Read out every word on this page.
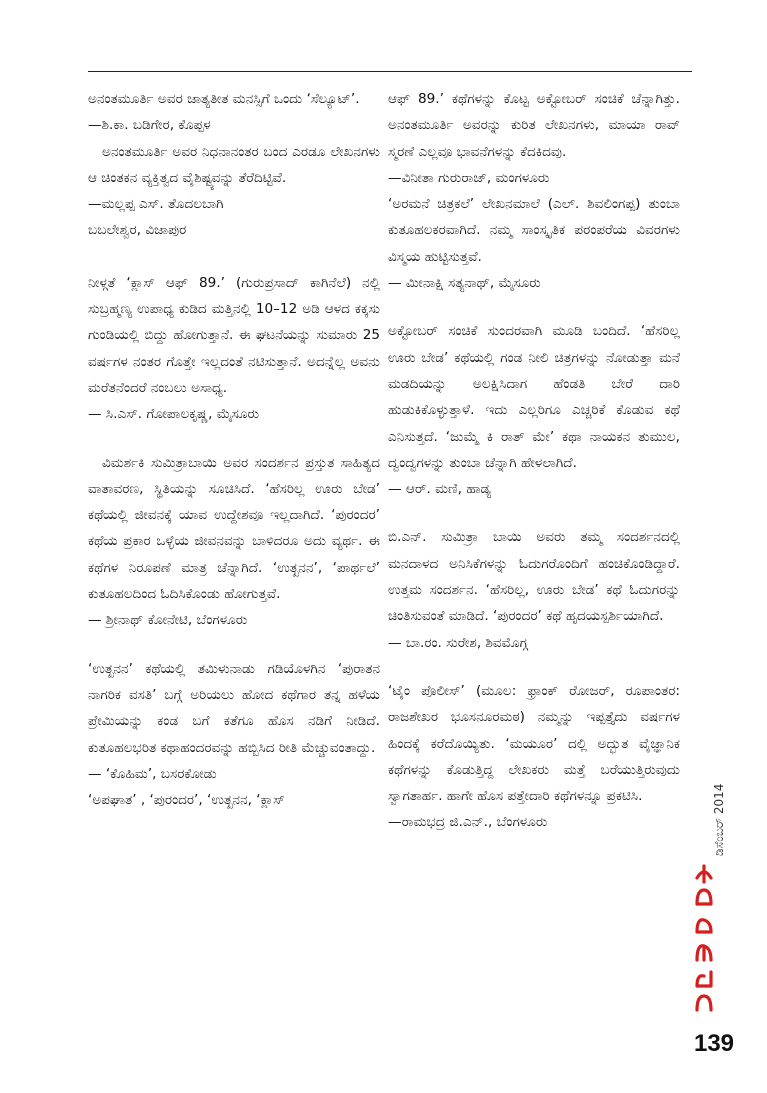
ಅನಂತಮೂರ್ತಿ ಅವರ ಜಾತ್ಯತೀತ ಮನಸ್ಸಿಗೆ ಒಂದು ‘ಸೆಲ್ಯೂಟ್’.

—ಶಿ.ಕಾ. ಬಡಿಗೇರ, ಕೊಪ್ಪಳ

ಅನಂತಮೂರ್ತಿ ಅವರ ನಿಧನಾನಂತರ ಬಂದ ಎರಡೂ ಲೇಖನಗಳು ಆ ಚಿಂತಕನ ವ್ಯಕ್ತಿತ್ವದ ವೈಶಿಷ್ಟ್ಯವನ್ನು ತೆರೆದಿಟ್ಟಿವೆ.

—ಮಲ್ಲಪ್ಪ ಎಸ್. ತೊದಲಬಾಗಿ

ಬಬಲೇಶ್ವರ, ವಿಜಾಪುರ

ನೀಳ್ಗತೆ ‘ಕ್ಲಾಸ್ ಆಫ್ 89.’ (ಗುರುಪ್ರಸಾದ್ ಕಾಗಿನೆಲೆ) ನಲ್ಲಿ ಸುಬ್ರಹ್ಮಣ್ಯ ಉಪಾಧ್ಯ ಕುಡಿದ ಮತ್ತಿನಲ್ಲಿ 10–12 ಅಡಿ ಆಳದ ಕಕ್ಕಸು ಗುಂಡಿಯಲ್ಲಿ ಬಿದ್ದು ಹೋಗುತ್ತಾನೆ. ಈ ಘಟನೆಯನ್ನು ಸುಮಾರು 25 ವರ್ಷಗಳ ನಂತರ ಗೊತ್ತೇ ಇಲ್ಲದಂತೆ ನಟಿಸುತ್ತಾನೆ. ಅದನ್ನೆಲ್ಲ ಅವನು ಮರೆತನೆಂದರೆ ನಂಬಲು ಅಸಾಧ್ಯ.

— ಸಿ.ಎಸ್. ಗೋಪಾಲಕೃಷ್ಣ, ಮೈಸೂರು

ವಿಮರ್ಶಕಿ ಸುಮಿತ್ರಾಬಾಯಿ ಅವರ ಸಂದರ್ಶನ ಪ್ರಸ್ತುತ ಸಾಹಿತ್ಯದ ವಾತಾವರಣ, ಸ್ಥಿತಿಯನ್ನು ಸೂಚಿಸಿದೆ. ‘ಹೆಸರಿಲ್ಲ ಊರು ಬೇಡ’ ಕಥೆಯಲ್ಲಿ ಜೀವನಕ್ಕೆ ಯಾವ ಉದ್ದೇಶವೂ ಇಲ್ಲದಾಗಿದೆ. ‘ಪುರಂದರ’ ಕಥೆಯ ಪ್ರಕಾರ ಒಳ್ಳೆಯ ಜೀವನವನ್ನು ಬಾಳಿದರೂ ಅದು ವ್ಯರ್ಥ. ಈ ಕಥೆಗಳ ನಿರೂಪಣೆ ಮಾತ್ರ ಚೆನ್ನಾಗಿದೆ. ‘ಉತ್ಖನನ’, ‘ಪಾರ್ಥಲೆ’ ಕುತೂಹಲದಿಂದ ಓದಿಸಿಕೊಂಡು ಹೋಗುತ್ತವೆ.

— ಶ್ರೀನಾಥ್ ಕೋನೇಟಿ, ಬೆಂಗಳೂರು

‘ಉತ್ಖನನ’ ಕಥೆಯಲ್ಲಿ ತಮಿಳುನಾಡು ಗಡಿಯೊಳಗಿನ ‘ಪುರಾತನ ನಾಗರಿಕ ವಸತಿ’ ಬಗ್ಗೆ ಅರಿಯಲು ಹೋದ ಕಥೆಗಾರ ತನ್ನ ಹಳೆಯ ಪ್ರೇಮಿಯನ್ನು ಕಂಡ ಬಗೆ ಕತೆಗೂ ಹೊಸ ನಡಿಗೆ ನೀಡಿದೆ. ಕುತೂಹಲಭರಿತ ಕಥಾಹಂದರವನ್ನು ಹಬ್ಬಿಸಿದ ರೀತಿ ಮೆಚ್ಚುವಂತಾದ್ದು.

— ‘ಕೊಹಿಮ’, ಬಸರಕೋಡು

‘ಅಪಘಾತ’ , ‘ಪುರಂದರ’, ‘ಉತ್ಖನನ, ‘ಕ್ಲಾಸ್

ಆಫ್ 89.’ ಕಥೆಗಳನ್ನು ಕೊಟ್ಟ ಅಕ್ಟೋಬರ್ ಸಂಚಿಕೆ ಚೆನ್ನಾಗಿತ್ತು. ಅನಂತಮೂರ್ತಿ ಅವರನ್ನು ಕುರಿತ ಲೇಖನಗಳು, ಮಾಯಾ ರಾವ್ ಸ್ಮರಣೆ ಎಲ್ಲವೂ ಭಾವನೆಗಳನ್ನು ಕೆದಕಿದವು.

—ವಿನೀತಾ ಗುರುರಾಜ್, ಮಂಗಳೂರು

‘ಅರಮನೆ ಚಿತ್ರಕಲೆ’ ಲೇಖನಮಾಲೆ (ಎಲ್. ಶಿವಲಿಂಗಪ್ಪ) ತುಂಬಾ ಕುತೂಹಲಕರವಾಗಿದೆ. ನಮ್ಮ ಸಾಂಸ್ಕೃತಿಕ ಪರಂಪರೆಯ ವಿವರಗಳು ವಿಸ್ಮಯ ಹುಟ್ಟಿಸುತ್ತವೆ.

— ಮೀನಾಕ್ಷಿ ಸತ್ಯನಾಥ್, ಮೈಸೂರು

ಅಕ್ಟೋಬರ್ ಸಂಚಿಕೆ ಸುಂದರವಾಗಿ ಮೂಡಿ ಬಂದಿದೆ. ‘ಹೆಸರಿಲ್ಲ ಊರು ಬೇಡ’ ಕಥೆಯಲ್ಲಿ ಗಂಡ ನೀಲಿ ಚಿತ್ರಗಳನ್ನು ನೋಡುತ್ತಾ ಮನೆ ಮಡದಿಯನ್ನು ಅಲಕ್ಷಿಸಿದಾಗ ಹೆಂಡತಿ ಬೇರೆ ದಾರಿ ಹುಡುಕಿಕೊಳ್ಳುತ್ತಾಳೆ. ಇದು ಎಲ್ಲರಿಗೂ ಎಚ್ಚರಿಕೆ ಕೊಡುವ ಕಥೆ ಎನಿಸುತ್ತದೆ. ‘ಜುಮ್ಮೆ ಕಿ ರಾತ್ ಮೇ’ ಕಥಾ ನಾಯಕನ ತುಮುಲ, ದ್ವಂದ್ವಗಳನ್ನು ತುಂಬಾ ಚೆನ್ನಾಗಿ ಹೇಳಲಾಗಿದೆ.

— ಆರ್. ಮಣಿ, ಹಾಡ್ಯ

ಬಿ.ಎನ್. ಸುಮಿತ್ರಾ ಬಾಯಿ ಅವರು ತಮ್ಮ ಸಂದರ್ಶನದಲ್ಲಿ ಮನದಾಳದ ಅನಿಸಿಕೆಗಳನ್ನು ಓದುಗರೊಂದಿಗೆ ಹಂಚಿಕೊಂಡಿದ್ದಾರೆ. ಉತ್ತಮ ಸಂದರ್ಶನ. ‘ಹೆಸರಿಲ್ಲ, ಊರು ಬೇಡ’ ಕಥೆ ಓದುಗರನ್ನು ಚಿಂತಿಸುವಂತೆ ಮಾಡಿದೆ. ‘ಪುರಂದರ’ ಕಥೆ ಹೃದಯಸ್ಪರ್ಶಿಯಾಗಿದೆ.

— ಬಾ.ರಂ. ಸುರೇಶ, ಶಿವಮೊಗ್ಗ

‘ಟೈಂ ಪೊಲೀಸ್’ (ಮೂಲ: ಫ್ರಾಂಕ್ ರೋಜರ್, ರೂಪಾಂತರ: ರಾಜಶೇಖರ ಭೂಸನೂರಮಠ) ನಮ್ಮನ್ನು ಇಪ್ಪತ್ತೈದು ವರ್ಷಗಳ ಹಿಂದಕ್ಕೆ ಕರೆದೊಯ್ಯಿತು. ‘ಮಯೂರ’ ದಲ್ಲಿ ಅದ್ಭುತ ವೈಜ್ಞಾನಿಕ ಕಥೆಗಳನ್ನು ಕೊಡುತ್ತಿದ್ದ ಲೇಖಕರು ಮತ್ತೆ ಬರೆಯುತ್ತಿರುವುದು ಸ್ವಾಗತಾರ್ಹ. ಹಾಗೇ ಹೊಸ ಪತ್ತೇದಾರಿ ಕಥೆಗಳನ್ನೂ ಪ್ರಕಟಿಸಿ.

—ರಾಮಭದ್ರ ಜಿ.ಎನ್., ಬೆಂಗಳೂರು	ಡಿಸೆಂಬರ್ 2014
139
